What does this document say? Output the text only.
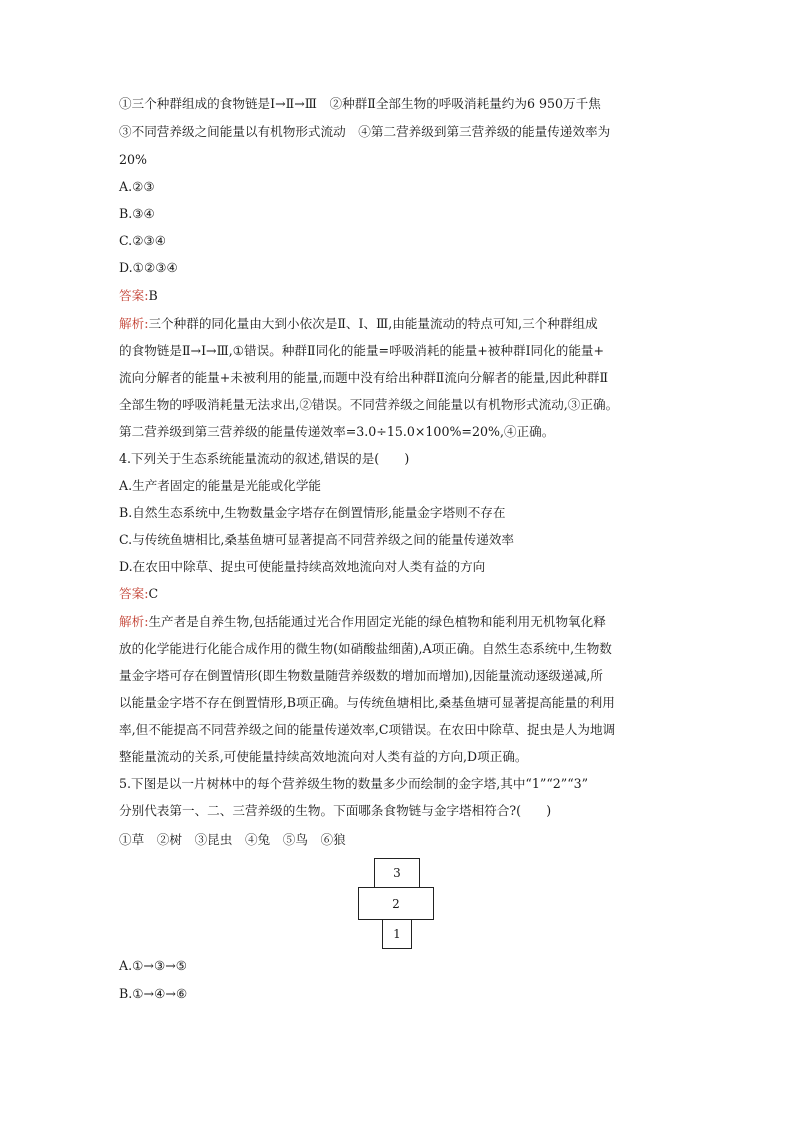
①三个种群组成的食物链是Ⅰ→Ⅱ→Ⅲ　②种群Ⅱ全部生物的呼吸消耗量约为6 950万千焦
③不同营养级之间能量以有机物形式流动　④第二营养级到第三营养级的能量传递效率为
20%
A.②③
B.③④
C.②③④
D.①②③④
答案:B
解析:三个种群的同化量由大到小依次是Ⅱ、Ⅰ、Ⅲ,由能量流动的特点可知,三个种群组成
的食物链是Ⅱ→Ⅰ→Ⅲ,①错误。种群Ⅱ同化的能量=呼吸消耗的能量+被种群Ⅰ同化的能量+
流向分解者的能量+未被利用的能量,而题中没有给出种群Ⅱ流向分解者的能量,因此种群Ⅱ
全部生物的呼吸消耗量无法求出,②错误。不同营养级之间能量以有机物形式流动,③正确。
第二营养级到第三营养级的能量传递效率=3.0÷15.0×100%=20%,④正确。
4.下列关于生态系统能量流动的叙述,错误的是(　　)
A.生产者固定的能量是光能或化学能
B.自然生态系统中,生物数量金字塔存在倒置情形,能量金字塔则不存在
C.与传统鱼塘相比,桑基鱼塘可显著提高不同营养级之间的能量传递效率
D.在农田中除草、捉虫可使能量持续高效地流向对人类有益的方向
答案:C
解析:生产者是自养生物,包括能通过光合作用固定光能的绿色植物和能利用无机物氧化释
放的化学能进行化能合成作用的微生物(如硝酸盐细菌),A项正确。自然生态系统中,生物数
量金字塔可存在倒置情形(即生物数量随营养级数的增加而增加),因能量流动逐级递减,所
以能量金字塔不存在倒置情形,B项正确。与传统鱼塘相比,桑基鱼塘可显著提高能量的利用
率,但不能提高不同营养级之间的能量传递效率,C项错误。在农田中除草、捉虫是人为地调
整能量流动的关系,可使能量持续高效地流向对人类有益的方向,D项正确。
5.下图是以一片树林中的每个营养级生物的数量多少而绘制的金字塔,其中“1”“2”“3”
分别代表第一、二、三营养级的生物。下面哪条食物链与金字塔相符合?(　　)
①草　②树　③昆虫　④兔　⑤鸟　⑥狼
3
2
1
A.①→③→⑤
B.①→④→⑥
